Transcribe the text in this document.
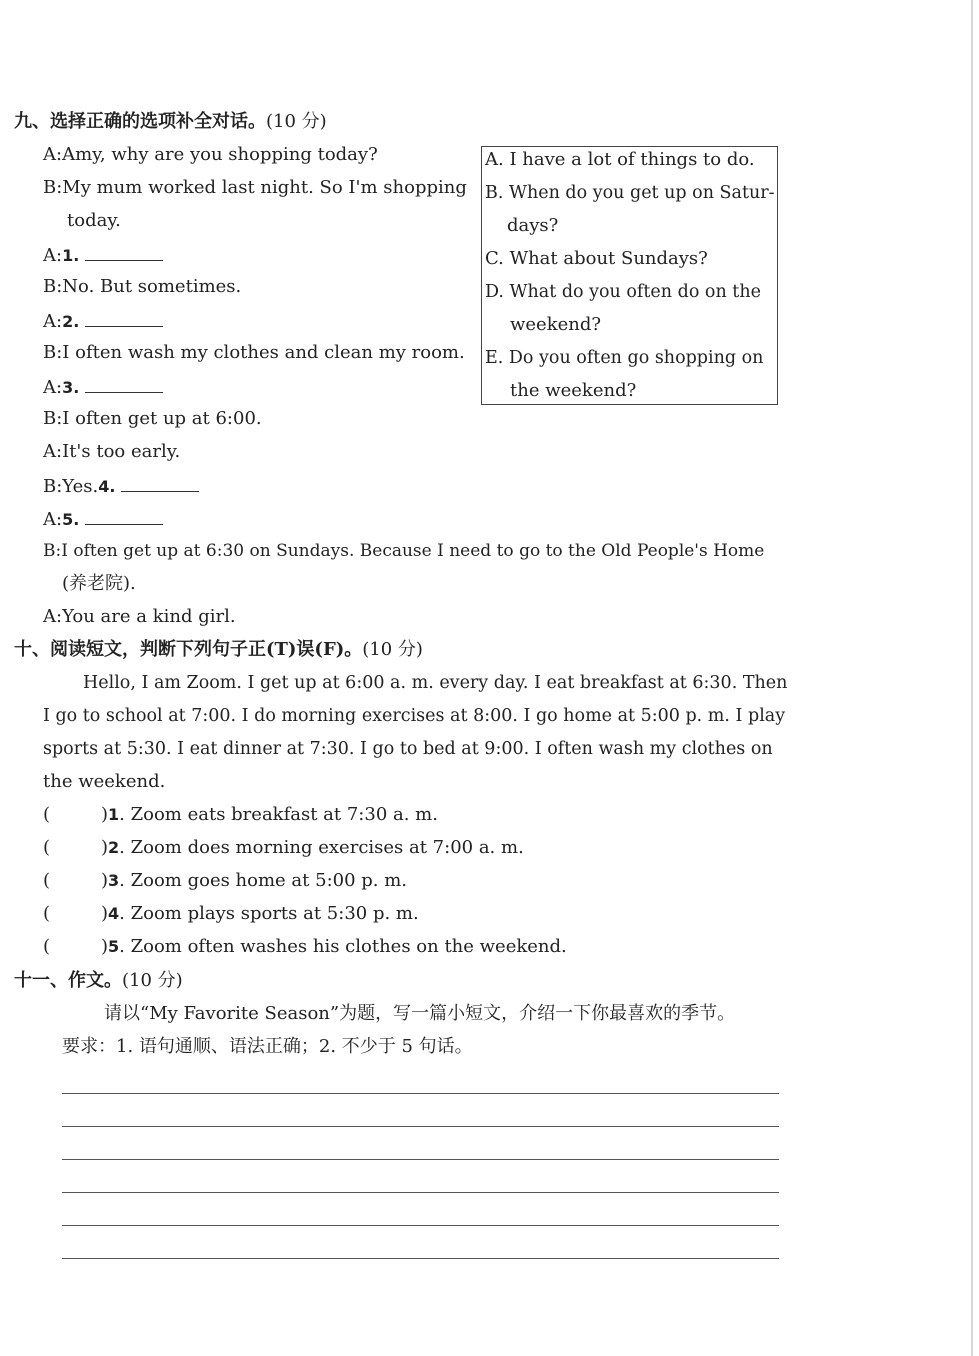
九、选择正确的选项补全对话。(10 分)
A:Amy, why are you shopping today?
B:My mum worked last night. So I'm shopping
today.
A:1.
B:No. But sometimes.
A:2.
B:I often wash my clothes and clean my room.
A:3.
B:I often get up at 6:00.
A:It's too early.
B:Yes.4.
A:5.
B:I often get up at 6:30 on Sundays. Because I need to go to the Old People's Home
(养老院).
A:You are a kind girl.
A. I have a lot of things to do.
B. When do you get up on Satur-
days?
C. What about Sundays?
D. What do you often do on the
weekend?
E. Do you often go shopping on
the weekend?
十、阅读短文，判断下列句子正(T)误(F)。(10 分)
Hello, I am Zoom. I get up at 6:00 a. m. every day. I eat breakfast at 6:30. Then
I go to school at 7:00. I do morning exercises at 8:00. I go home at 5:00 p. m. I play
sports at 5:30. I eat dinner at 7:30. I go to bed at 9:00. I often wash my clothes on
the weekend.
(	)1. Zoom eats breakfast at 7:30 a. m.
(	)2. Zoom does morning exercises at 7:00 a. m.
(	)3. Zoom goes home at 5:00 p. m.
(	)4. Zoom plays sports at 5:30 p. m.
(	)5. Zoom often washes his clothes on the weekend.
十一、作文。(10 分)
请以“My Favorite Season”为题，写一篇小短文，介绍一下你最喜欢的季节。
要求：1. 语句通顺、语法正确；2. 不少于 5 句话。
